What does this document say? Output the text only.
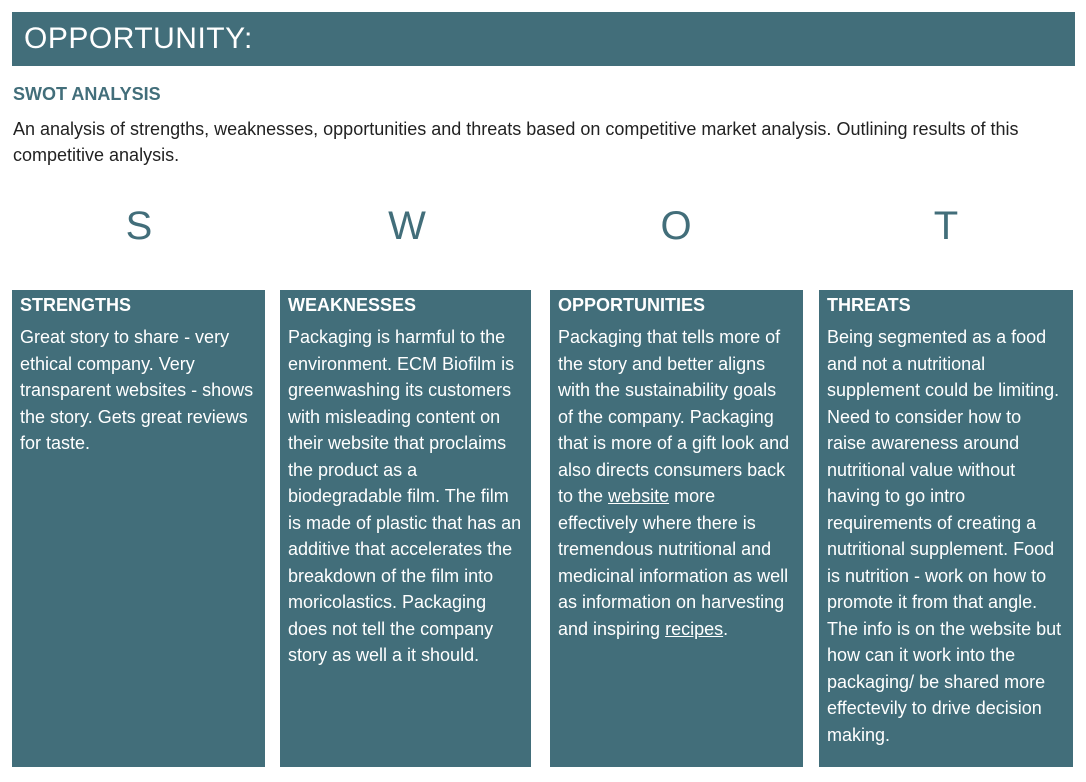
OPPORTUNITY:
SWOT ANALYSIS
An analysis of strengths, weaknesses, opportunities and threats based on competitive market analysis. Outlining results of this competitive analysis.
S	W	O	T
STRENGTHS
Great story to share - very ethical company. Very transparent websites - shows the story. Gets great reviews for taste.
WEAKNESSES
Packaging is harmful to the environment. ECM Biofilm is greenwashing its customers with misleading content on their website that proclaims the product as a biodegradable film. The film is made of plastic that has an additive that accelerates the breakdown of the film into moricolastics. Packaging does not tell the company story as well a it should.
OPPORTUNITIES
Packaging that tells more of the story and better aligns with the sustainability goals of the company. Packaging that is more of a gift look and also directs consumers back to the website more effectively where there is tremendous nutritional and medicinal information as well as information on harvesting and inspiring recipes.
THREATS
Being segmented as a food and not a nutritional supplement could be limiting. Need to consider how to raise awareness around nutritional value without having to go intro requirements of creating a nutritional supplement. Food is nutrition - work on how to promote it from that angle. The info is on the website but how can it work into the packaging/ be shared more effectevily to drive decision making.
